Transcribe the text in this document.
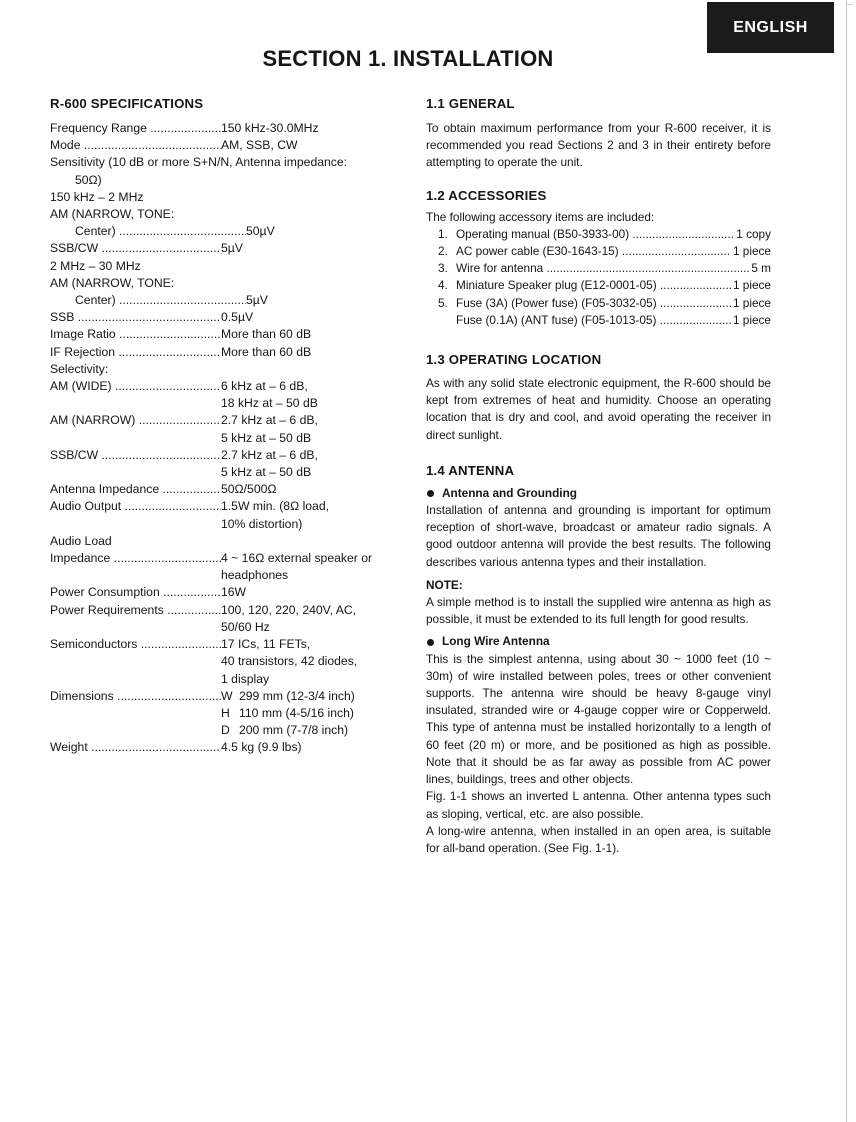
ENGLISH
SECTION 1. INSTALLATION
R-600 SPECIFICATIONS
Frequency Range .....	150 kHz-30.0MHz
Mode .....	AM, SSB, CW
Sensitivity (10 dB or more S+N/N, Antenna impedance:
50Ω)
150 kHz – 2 MHz
AM (NARROW, TONE:
Center) .....	50µV
SSB/CW .....	5µV
2 MHz – 30 MHz
AM (NARROW, TONE:
Center) .....	5µV
SSB .....	0.5µV
Image Ratio .....	More than 60 dB
IF Rejection .....	More than 60 dB
Selectivity:
AM (WIDE) .....	6 kHz at – 6 dB,
18 kHz at – 50 dB
AM (NARROW) .....	2.7 kHz at – 6 dB,
5 kHz at – 50 dB
SSB/CW .....	2.7 kHz at – 6 dB,
5 kHz at – 50 dB
Antenna Impedance .....	50Ω/500Ω
Audio Output .....	1.5W min. (8Ω load,
10% distortion)
Audio Load
Impedance .....	4 ~ 16Ω external speaker or
headphones
Power Consumption .....	16W
Power Requirements .....	100, 120, 220, 240V, AC,
50/60 Hz
Semiconductors .....	17 ICs, 11 FETs,
40 transistors, 42 diodes,
1 display
Dimensions .....	W 299 mm (12-3/4 inch)
H 110 mm (4-5/16 inch)
D 200 mm (7-7/8 inch)
Weight .....	4.5 kg (9.9 lbs)
1.1 GENERAL

To obtain maximum performance from your R-600 receiver, it is recommended you read Sections 2 and 3 in their entirety before attempting to operate the unit.

1.2 ACCESSORIES

The following accessory items are included:

1. Operating manual (B50-3933-00) .....	1 copy
2. AC power cable (E30-1643-15) .....	1 piece
3. Wire for antenna .....	5 m
4. Miniature Speaker plug (E12-0001-05) .....	1 piece
5. Fuse (3A) (Power fuse) (F05-3032-05) .....	1 piece
Fuse (0.1A) (ANT fuse) (F05-1013-05) .....	1 piece
1.3 OPERATING LOCATION

As with any solid state electronic equipment, the R-600 should be kept from extremes of heat and humidity. Choose an operating location that is dry and cool, and avoid operating the receiver in direct sunlight.

1.4 ANTENNA
Antenna and Grounding

Installation of antenna and grounding is important for optimum reception of short-wave, broadcast or amateur radio signals. A good outdoor antenna will provide the best results. The following describes various antenna types and their installation.

NOTE:

A simple method is to install the supplied wire antenna as high as possible, it must be extended to its full length for good results.

Long Wire Antenna

This is the simplest antenna, using about 30 ~ 1000 feet (10 ~ 30m) of wire installed between poles, trees or other convenient supports. The antenna wire should be heavy 8-gauge vinyl insulated, stranded wire or 4-gauge copper wire or Copperweld. This type of antenna must be installed horizontally to a length of 60 feet (20 m) or more, and be positioned as high as possible. Note that it should be as far away as possible from AC power lines, buildings, trees and other objects.

Fig. 1-1 shows an inverted L antenna. Other antenna types such as sloping, vertical, etc. are also possible.

A long-wire antenna, when installed in an open area, is suitable for all-band operation. (See Fig. 1-1).
